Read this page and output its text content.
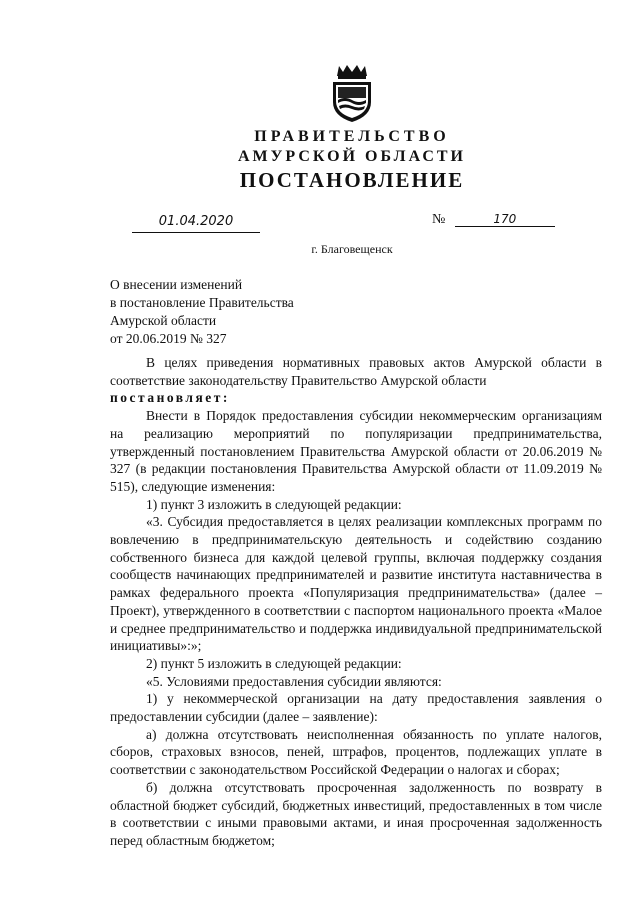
ПРАВИТЕЛЬСТВО
АМУРСКОЙ ОБЛАСТИ
ПОСТАНОВЛЕНИЕ
01.04.2020	№	170
г. Благовещенск
О внесении изменений
в постановление Правительства
Амурской области
от 20.06.2019 № 327

В целях приведения нормативных правовых актов Амурской области в соответствие законодательству Правительство Амурской области

постановляет:

Внести в Порядок предоставления субсидии некоммерческим организациям на реализацию мероприятий по популяризации предпринимательства, утвержденный постановлением Правительства Амурской области от 20.06.2019 № 327 (в редакции постановления Правительства Амурской области от 11.09.2019 № 515), следующие изменения:

1) пункт 3 изложить в следующей редакции:

«3. Субсидия предоставляется в целях реализации комплексных программ по вовлечению в предпринимательскую деятельность и содействию созданию собственного бизнеса для каждой целевой группы, включая поддержку создания сообществ начинающих предпринимателей и развитие института наставничества в рамках федерального проекта «Популяризация предпринимательства» (далее – Проект), утвержденного в соответствии с паспортом национального проекта «Малое и среднее предпринимательство и поддержка индивидуальной предпринимательской инициативы»:»;

2) пункт 5 изложить в следующей редакции:

«5. Условиями предоставления субсидии являются:

1) у некоммерческой организации на дату предоставления заявления о предоставлении субсидии (далее – заявление):

а) должна отсутствовать неисполненная обязанность по уплате налогов, сборов, страховых взносов, пеней, штрафов, процентов, подлежащих уплате в соответствии с законодательством Российской Федерации о налогах и сборах;

б) должна отсутствовать просроченная задолженность по возврату в областной бюджет субсидий, бюджетных инвестиций, предоставленных в том числе в соответствии с иными правовыми актами, и иная просроченная задолженность перед областным бюджетом;
